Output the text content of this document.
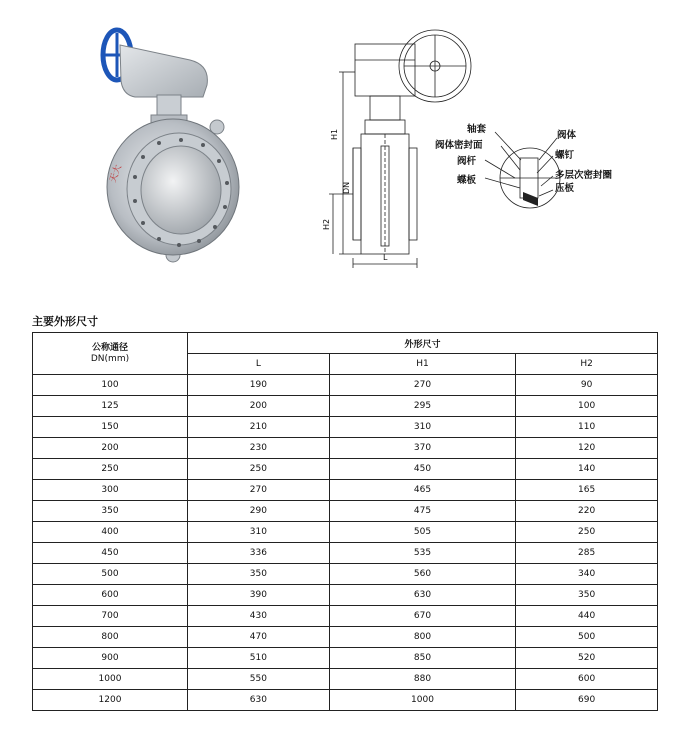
天大
H1
H2
DN
L
轴套
阀体密封面
阀杆
蝶板
阀体
螺钉
多层次密封圈
压板
主要外形尺寸
公称通径
DN(mm)	外形尺寸		
	L	H1	H2
100	190	270	90
125	200	295	100
150	210	310	110
200	230	370	120
250	250	450	140
300	270	465	165
350	290	475	220
400	310	505	250
450	336	535	285
500	350	560	340
600	390	630	350
700	430	670	440
800	470	800	500
900	510	850	520
1000	550	880	600
1200	630	1000	690
